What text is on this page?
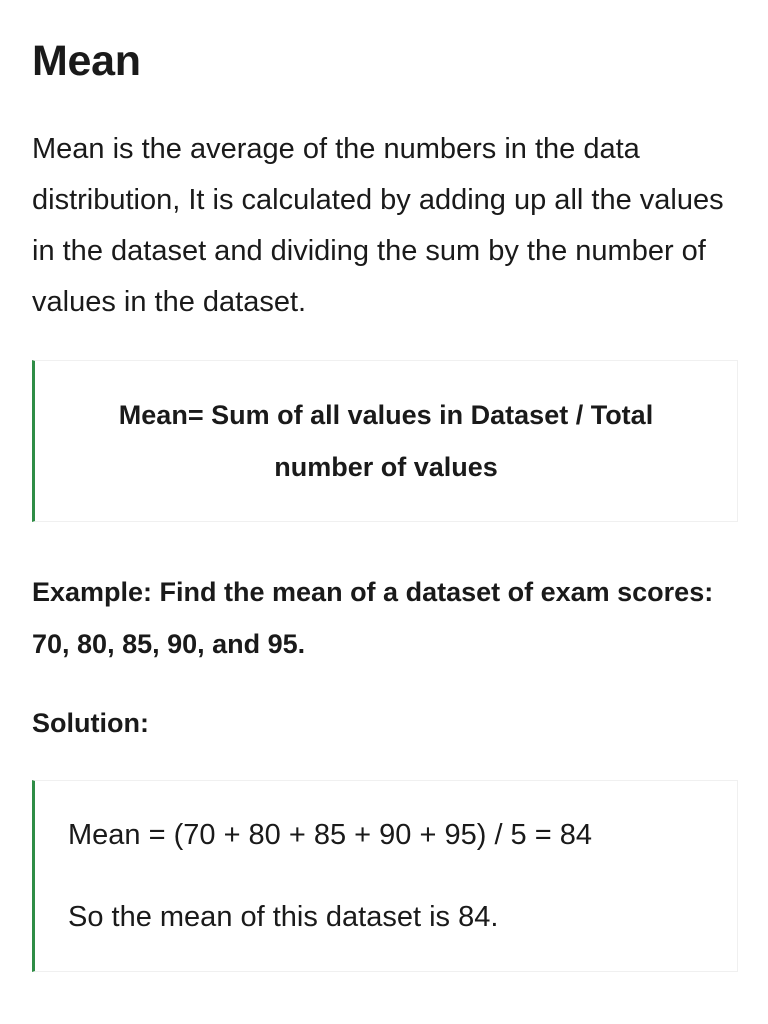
Mean

Mean is the average of the numbers in the data distribution, It is calculated by adding up all the values in the dataset and dividing the sum by the number of values in the dataset.

Mean= Sum of all values in Dataset / Total number of values

Example: Find the mean of a dataset of exam scores: 70, 80, 85, 90, and 95.

Solution:

Mean = (70 + 80 + 85 + 90 + 95) / 5 = 84

So the mean of this dataset is 84.
